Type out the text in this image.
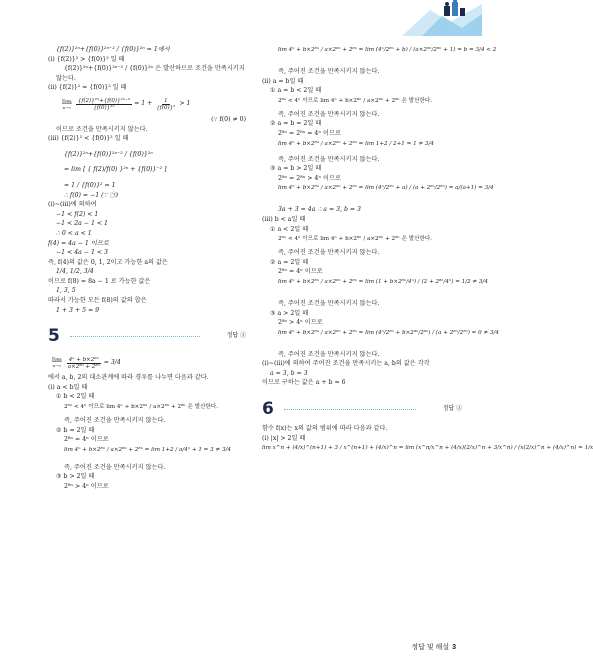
{f(2)}²ⁿ+{f(0)}²ⁿ⁻² / {f(0)}²ⁿ = 1에서
(ⅰ) {f(2)}² > {f(0)}² 일 때
{f(2)}²ⁿ+{f(0)}²ⁿ⁻² / {f(0)}²ⁿ 은 발산하므로 조건을 만족시키지
않는다.
(ⅱ) {f(2)}² = {f(0)}² 일 때
lim
$n\to\infty \frac{\text{\{f(2)\}²ⁿ+\{f(0)\}²ⁿ⁻²}}{\text{\{f(0)\}²ⁿ}} = 1 + \frac{1}{\text{\{f(0)\}²}} > 1$
(∵ f(0) ≠ 0)
이므로 조건을 만족시키지 않는다.
(ⅲ) {f(2)}² < {f(0)}² 일 때
{f(2)}²ⁿ+{f(0)}²ⁿ⁻² / {f(0)}²ⁿ
= lim [ { f(2)/f(0) }²ⁿ + {f(0)}⁻² ]
= 1 / {f(0)}² = 1
∴ f(0) = −1 (∵ ㉠)
(ⅰ)~(ⅲ)에 의하여
−1 < f(2) < 1
−1 < 2a − 1 < 1
∴ 0 < a < 1
f(4) = 4a − 1 이므로
−1 < 4a − 1 < 3
즉, f(4)의 값은 0, 1, 2이고 가능한 a의 값은
1/4, 1/2, 3/4
이므로 f(8) = 8a − 1 로 가능한 값은
1, 3, 5
따라서 가능한 모든 f(8)의 값의 합은
1 + 3 + 5 = 9
5	정답 ③
lim
$n\to\infty \frac{\text{4ⁿ + b×2⁸ⁿ}}{\text{a×2⁸ⁿ + 2⁸ⁿ}} = 3/4$
에서 a, b, 2의 대소관계에 따라 경우를 나누면 다음과 같다.
(ⅰ) a < b일 때
① b < 2일 때
2⁸ⁿ < 4ⁿ 이므로 lim 4ⁿ + b×2⁸ⁿ / a×2⁸ⁿ + 2⁸ⁿ 은 발산한다.
즉, 주어진 조건을 만족시키지 않는다.
② b = 2일 때
2⁸ⁿ = 4ⁿ 이므로
lim 4ⁿ + b×2⁸ⁿ / a×2⁸ⁿ + 2⁸ⁿ = lim 1+2 / a/4ⁿ + 1 = 3 ≠ 3/4
즉, 주어진 조건을 만족시키지 않는다.
③ b > 2일 때
2⁸ⁿ > 4ⁿ 이므로
lim 4ⁿ + b×2⁸ⁿ / a×2⁸ⁿ + 2⁸ⁿ = lim (4ⁿ/2⁸ⁿ + b) / (a×2⁸ⁿ/2⁸ⁿ + 1) = b = 3/4 < 2
즉, 주어진 조건을 만족시키지 않는다.
(ⅱ) a = b일 때
① a = b < 2일 때
2⁸ⁿ < 4ⁿ 이므로 lim 4ⁿ + b×2⁸ⁿ / a×2⁸ⁿ + 2⁸ⁿ 은 발산한다.
즉, 주어진 조건을 만족시키지 않는다.
② a = b = 2일 때
2⁸ⁿ = 2⁸ⁿ = 4ⁿ 이므로
lim 4ⁿ + b×2⁸ⁿ / a×2⁸ⁿ + 2⁸ⁿ = lim 1+2 / 2+1 = 1 ≠ 3/4
즉, 주어진 조건을 만족시키지 않는다.
③ a = b > 2일 때
2⁸ⁿ = 2⁸ⁿ > 4ⁿ 이므로
lim 4ⁿ + b×2⁸ⁿ / a×2⁸ⁿ + 2⁸ⁿ = lim (4ⁿ/2⁸ⁿ + a) / (a + 2⁸ⁿ/2⁸ⁿ) = a/(a+1) = 3/4
3a + 3 = 4a ∴ a = 3, b = 3
(ⅲ) b < a일 때
① a < 2일 때
2⁸ⁿ < 4ⁿ 이므로 lim 4ⁿ + b×2⁸ⁿ / a×2⁸ⁿ + 2⁸ⁿ 은 발산한다.
즉, 주어진 조건을 만족시키지 않는다.
② a = 2일 때
2⁸ⁿ = 4ⁿ 이므로
lim 4ⁿ + b×2⁸ⁿ / a×2⁸ⁿ + 2⁸ⁿ = lim (1 + b×2⁸ⁿ/4ⁿ) / (2 + 2⁸ⁿ/4ⁿ) = 1/2 ≠ 3/4
즉, 주어진 조건을 만족시키지 않는다.
③ a > 2일 때
2⁸ⁿ > 4ⁿ 이므로
lim 4ⁿ + b×2⁸ⁿ / a×2⁸ⁿ + 2⁸ⁿ = lim (4ⁿ/2⁸ⁿ + b×2⁸ⁿ/2⁸ⁿ) / (a + 2⁸ⁿ/2⁸ⁿ) = 0 ≠ 3/4
즉, 주어진 조건을 만족시키지 않는다.
(ⅰ)~(ⅲ)에 의하여 주어진 조건을 만족시키는 a, b의 값은 각각
a = 3, b = 3
이므로 구하는 값은 a + b = 6
6	정답 ③
함수 f(x)는 x의 값의 범위에 따라 다음과 같다.
(ⅰ) |x| > 2일 때
lim x^n + (4/x)^(n+1) + 3 / x^(n+1) + (4/x)^n = lim (x^n/x^n + (4/x)(2/x)^n + 3/x^n) / (x(2/x)^n + (4/x)^n) = 1/x
정답 및 해설 3
